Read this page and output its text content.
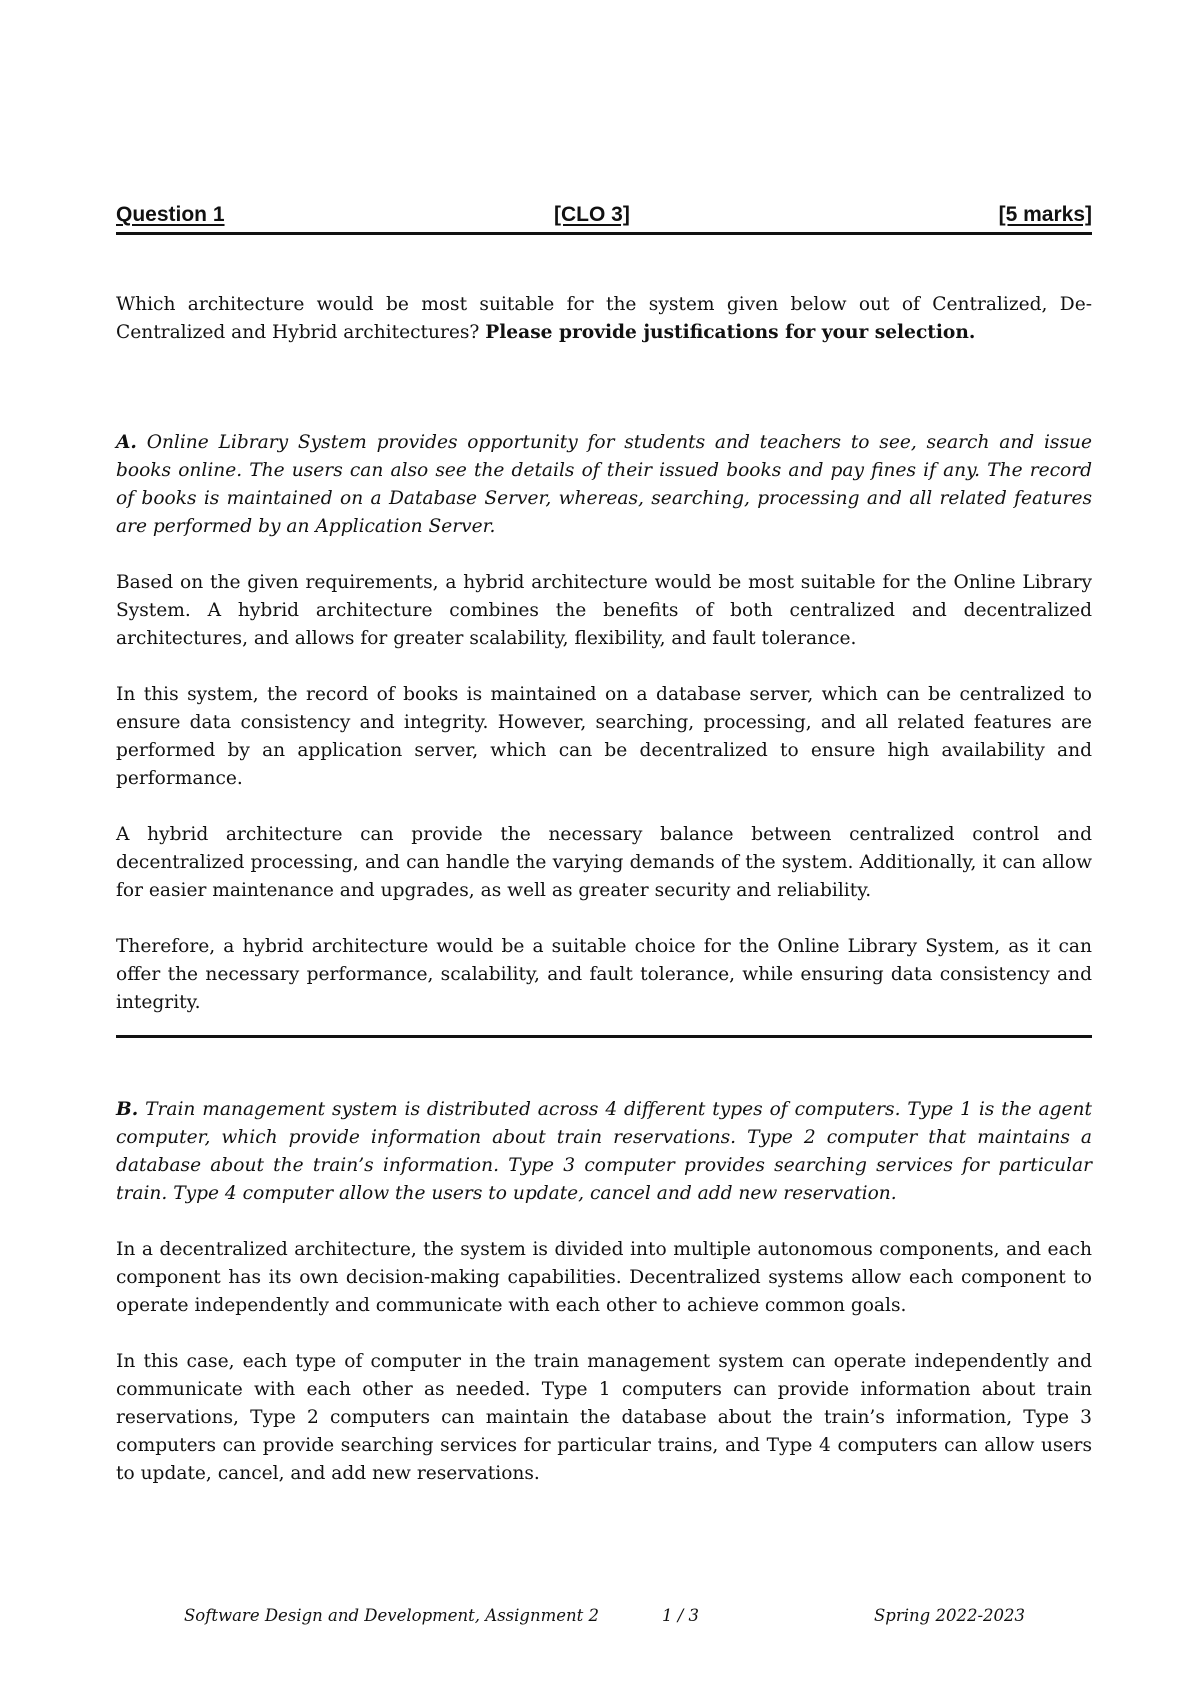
Question 1	[CLO 3]	[5 marks]

Which architecture would be most suitable for the system given below out of Centralized, De-Centralized and Hybrid architectures? Please provide justifications for your selection.

A. Online Library System provides opportunity for students and teachers to see, search and issue books online. The users can also see the details of their issued books and pay fines if any. The record of books is maintained on a Database Server, whereas, searching, processing and all related features are performed by an Application Server.

Based on the given requirements, a hybrid architecture would be most suitable for the Online Library System. A hybrid architecture combines the benefits of both centralized and decentralized architectures, and allows for greater scalability, flexibility, and fault tolerance.

In this system, the record of books is maintained on a database server, which can be centralized to ensure data consistency and integrity. However, searching, processing, and all related features are performed by an application server, which can be decentralized to ensure high availability and performance.

A hybrid architecture can provide the necessary balance between centralized control and decentralized processing, and can handle the varying demands of the system. Additionally, it can allow for easier maintenance and upgrades, as well as greater security and reliability.

Therefore, a hybrid architecture would be a suitable choice for the Online Library System, as it can offer the necessary performance, scalability, and fault tolerance, while ensuring data consistency and integrity.

B. Train management system is distributed across 4 different types of computers. Type 1 is the agent computer, which provide information about train reservations. Type 2 computer that maintains a database about the train’s information. Type 3 computer provides searching services for particular train. Type 4 computer allow the users to update, cancel and add new reservation.

In a decentralized architecture, the system is divided into multiple autonomous components, and each component has its own decision-making capabilities. Decentralized systems allow each component to operate independently and communicate with each other to achieve common goals.

In this case, each type of computer in the train management system can operate independently and communicate with each other as needed. Type 1 computers can provide information about train reservations, Type 2 computers can maintain the database about the train’s information, Type 3 computers can provide searching services for particular trains, and Type 4 computers can allow users to update, cancel, and add new reservations.

Software Design and Development, Assignment 2	1 / 3	Spring 2022-2023
